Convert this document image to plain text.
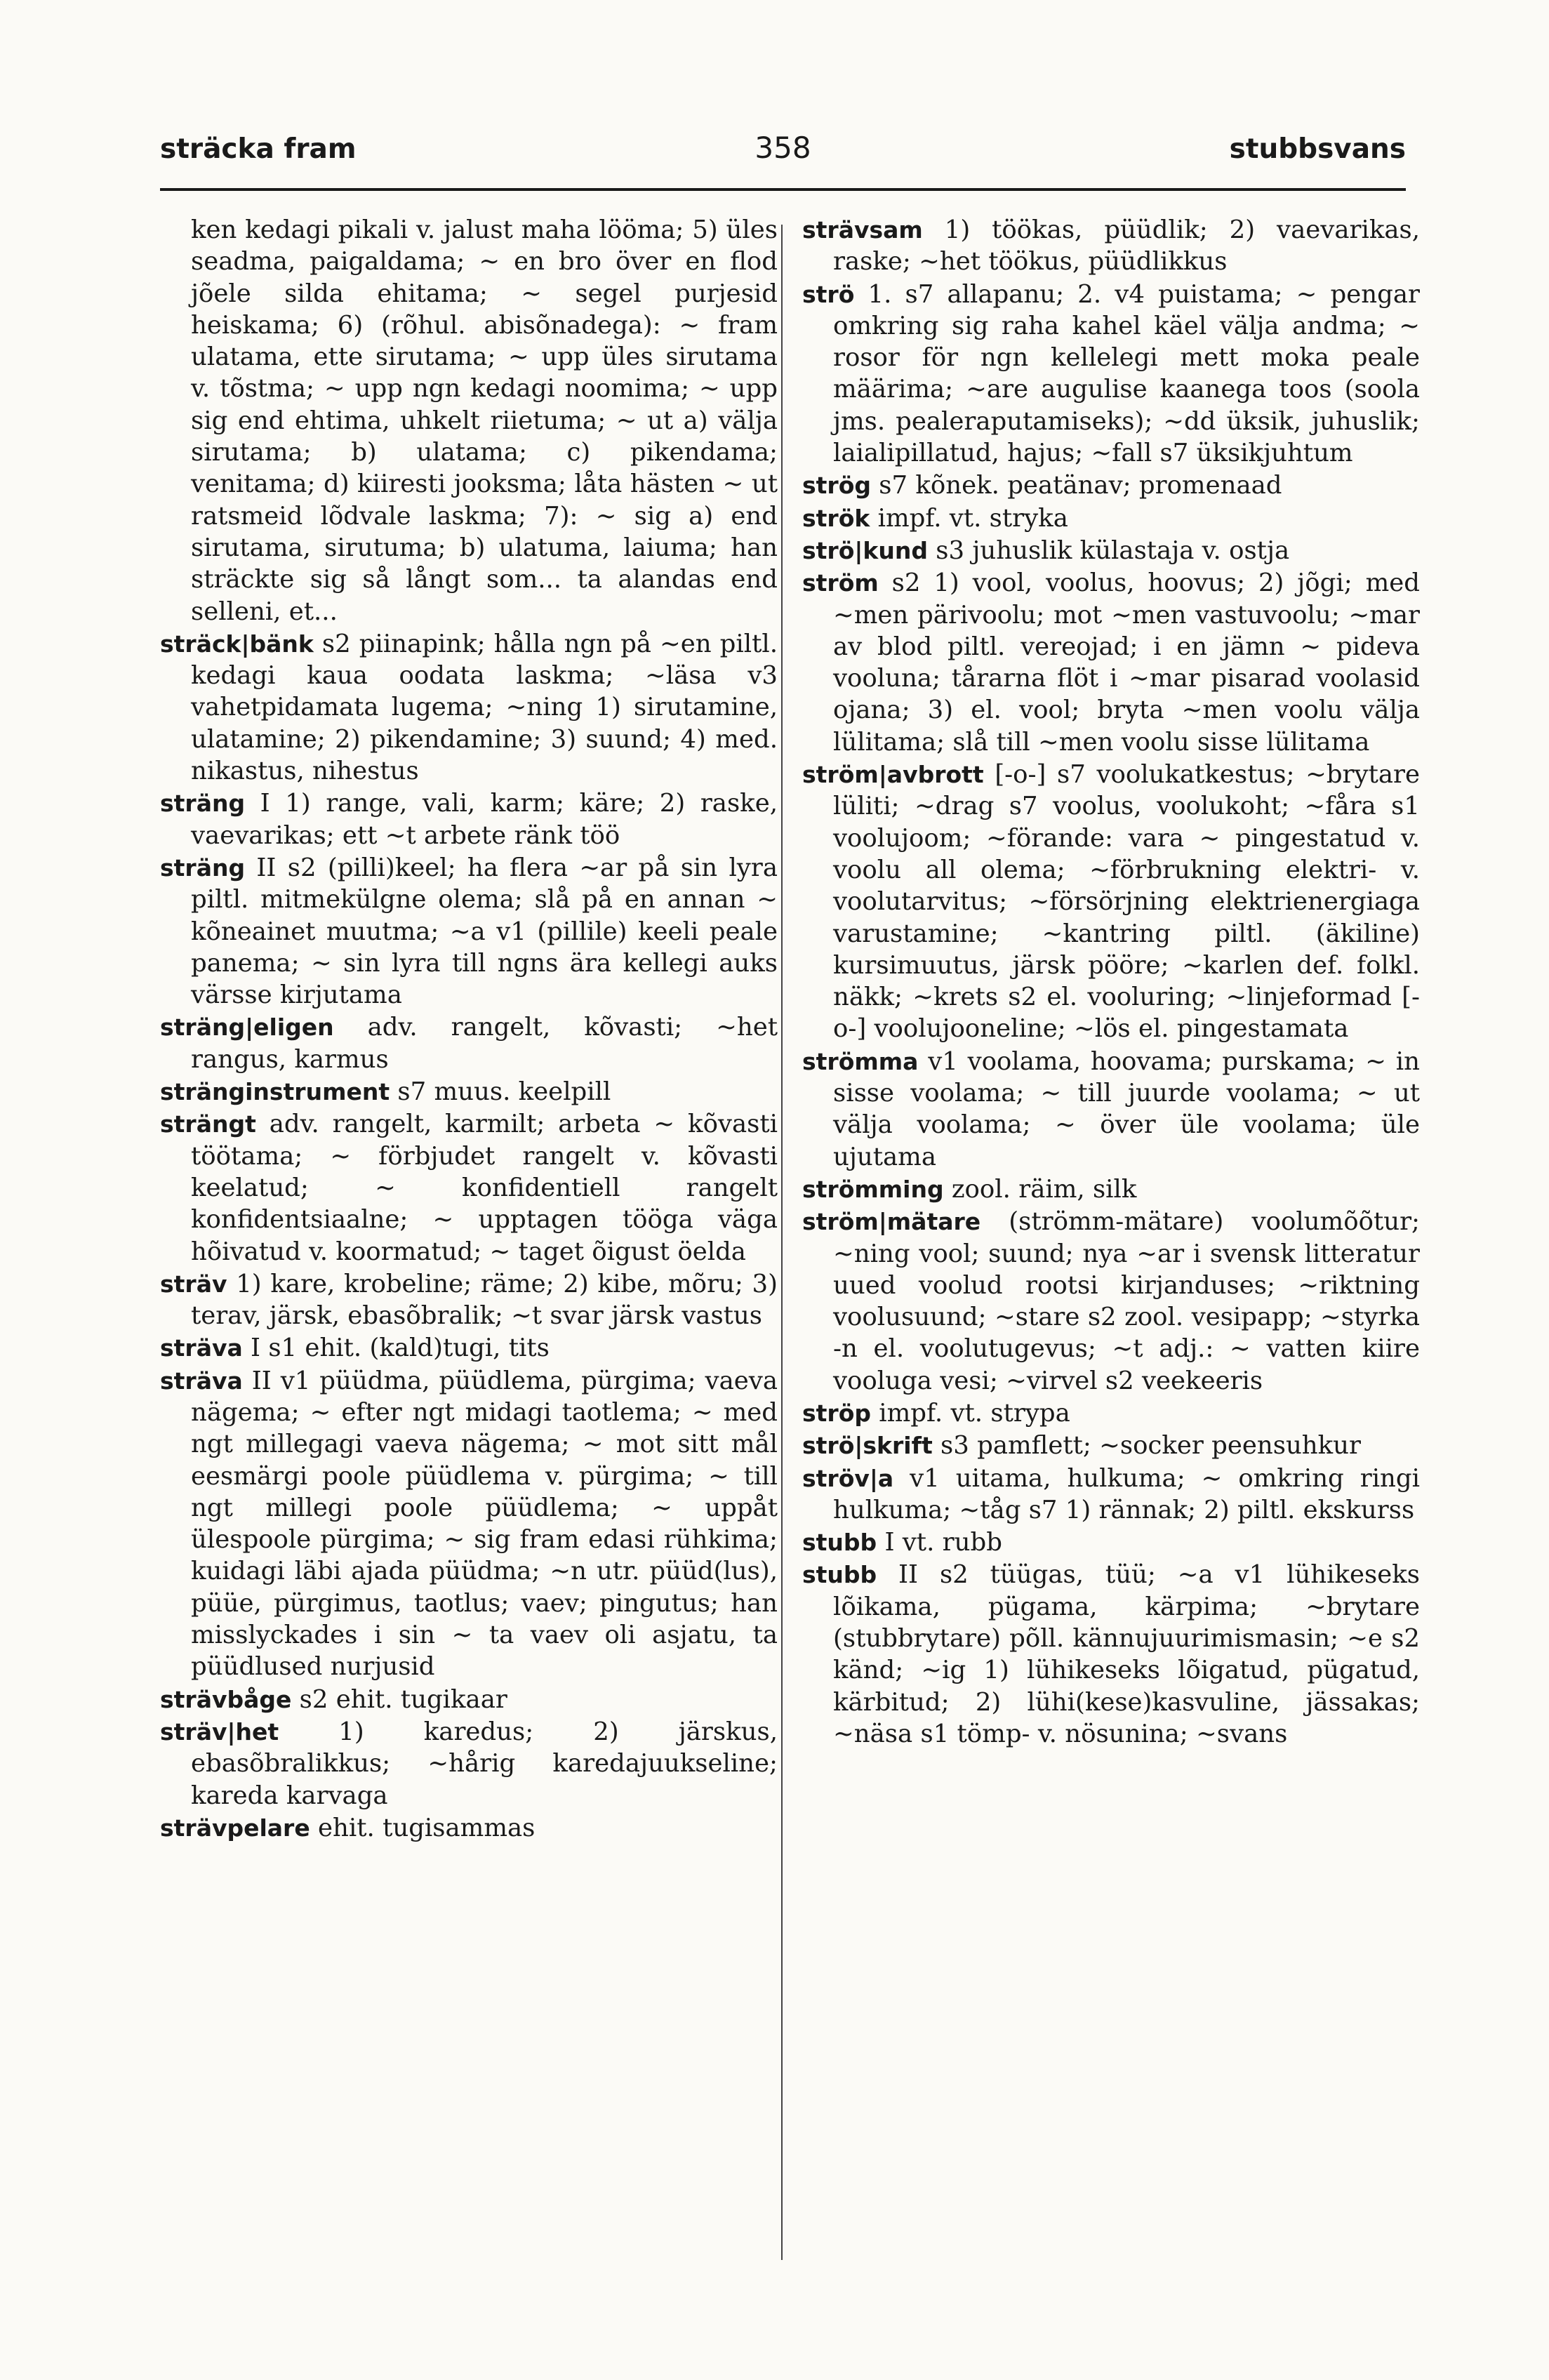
sträcka fram	358	stubbsvans

ken kedagi pikali v. jalust maha lööma; 5) üles seadma, paigaldama; ~ en bro över en flod jõele silda ehitama; ~ segel purjesid heiskama; 6) (rõhul. abisõnadega): ~ fram ulatama, ette sirutama; ~ upp üles sirutama v. tõstma; ~ upp ngn kedagi noomima; ~ upp sig end ehtima, uhkelt riietuma; ~ ut a) välja sirutama; b) ulatama; c) pikendama; venitama; d) kiiresti jooksma; låta hästen ~ ut ratsmeid lõdvale laskma; 7): ~ sig a) end sirutama, sirutuma; b) ulatuma, laiuma; han sträckte sig så långt som... ta alandas end selleni, et...

sträck|bänk s2 piinapink; hålla ngn på ~en piltl. kedagi kaua oodata laskma; ~läsa v3 vahetpidamata lugema; ~ning 1) sirutamine, ulatamine; 2) pikendamine; 3) suund; 4) med. nikastus, nihestus

sträng I 1) range, vali, karm; käre; 2) raske, vaevarikas; ett ~t arbete ränk töö

sträng II s2 (pilli)keel; ha flera ~ar på sin lyra piltl. mitmekülgne olema; slå på en annan ~ kõneainet muutma; ~a v1 (pillile) keeli peale panema; ~ sin lyra till ngns ära kellegi auks värsse kirjutama

sträng|eligen adv. rangelt, kõvasti; ~het rangus, karmus

stränginstrument s7 muus. keelpill

strängt adv. rangelt, karmilt; arbeta ~ kõvasti töötama; ~ förbjudet rangelt v. kõvasti keelatud; ~ konfidentiell rangelt konfidentsiaalne; ~ upptagen tööga väga hõivatud v. koormatud; ~ taget õigust öelda

sträv 1) kare, krobeline; räme; 2) kibe, mõru; 3) terav, järsk, ebasõbralik; ~t svar järsk vastus

sträva I s1 ehit. (kald)tugi, tits

sträva II v1 püüdma, püüdlema, pürgima; vaeva nägema; ~ efter ngt midagi taotlema; ~ med ngt millegagi vaeva nägema; ~ mot sitt mål eesmärgi poole püüdlema v. pürgima; ~ till ngt millegi poole püüdlema; ~ uppåt ülespoole pürgima; ~ sig fram edasi rühkima; kuidagi läbi ajada püüdma; ~n utr. püüd(lus), püüe, pürgimus, taotlus; vaev; pingutus; han misslyckades i sin ~ ta vaev oli asjatu, ta püüdlused nurjusid

strävbåge s2 ehit. tugikaar

sträv|het 1) karedus; 2) järskus, ebasõbralikkus; ~hårig karedajuukseline; kareda karvaga

strävpelare ehit. tugisammas

strävsam 1) töökas, püüdlik; 2) vaevarikas, raske; ~het töökus, püüdlikkus

strö 1. s7 allapanu; 2. v4 puistama; ~ pengar omkring sig raha kahel käel välja andma; ~ rosor för ngn kellelegi mett moka peale määrima; ~are augulise kaanega toos (soola jms. pealeraputamiseks); ~dd üksik, juhuslik; laialipillatud, hajus; ~fall s7 üksikjuhtum

strög s7 kõnek. peatänav; promenaad

strök impf. vt. stryka

strö|kund s3 juhuslik külastaja v. ostja

ström s2 1) vool, voolus, hoovus; 2) jõgi; med ~men pärivoolu; mot ~men vastuvoolu; ~mar av blod piltl. vereojad; i en jämn ~ pideva vooluna; tårarna flöt i ~mar pisarad voolasid ojana; 3) el. vool; bryta ~men voolu välja lülitama; slå till ~men voolu sisse lülitama

ström|avbrott [-o-] s7 voolukatkestus; ~brytare lüliti; ~drag s7 voolus, voolukoht; ~fåra s1 voolujoom; ~förande: vara ~ pingestatud v. voolu all olema; ~förbrukning elektri- v. voolutarvitus; ~försörjning elektrienergiaga varustamine; ~kantring piltl. (äkiline) kursimuutus, järsk pööre; ~karlen def. folkl. näkk; ~krets s2 el. vooluring; ~linjeformad [-o-] voolujooneline; ~lös el. pingestamata

strömma v1 voolama, hoovama; purskama; ~ in sisse voolama; ~ till juurde voolama; ~ ut välja voolama; ~ över üle voolama; üle ujutama

strömming zool. räim, silk

ström|mätare (strömm-mätare) voolumõõtur; ~ning vool; suund; nya ~ar i svensk litteratur uued voolud rootsi kirjanduses; ~riktning voolusuund; ~stare s2 zool. vesipapp; ~styrka -n el. voolutugevus; ~t adj.: ~ vatten kiire vooluga vesi; ~virvel s2 veekeeris

ströp impf. vt. strypa

strö|skrift s3 pamflett; ~socker peensuhkur

ströv|a v1 uitama, hulkuma; ~ omkring ringi hulkuma; ~tåg s7 1) rännak; 2) piltl. ekskurss

stubb I vt. rubb

stubb II s2 tüügas, tüü; ~a v1 lühikeseks lõikama, pügama, kärpima; ~brytare (stubbrytare) põll. kännujuurimismasin; ~e s2 känd; ~ig 1) lühikeseks lõigatud, pügatud, kärbitud; 2) lühi(kese)kasvuline, jässakas; ~näsa s1 tömp- v. nösunina; ~svans
